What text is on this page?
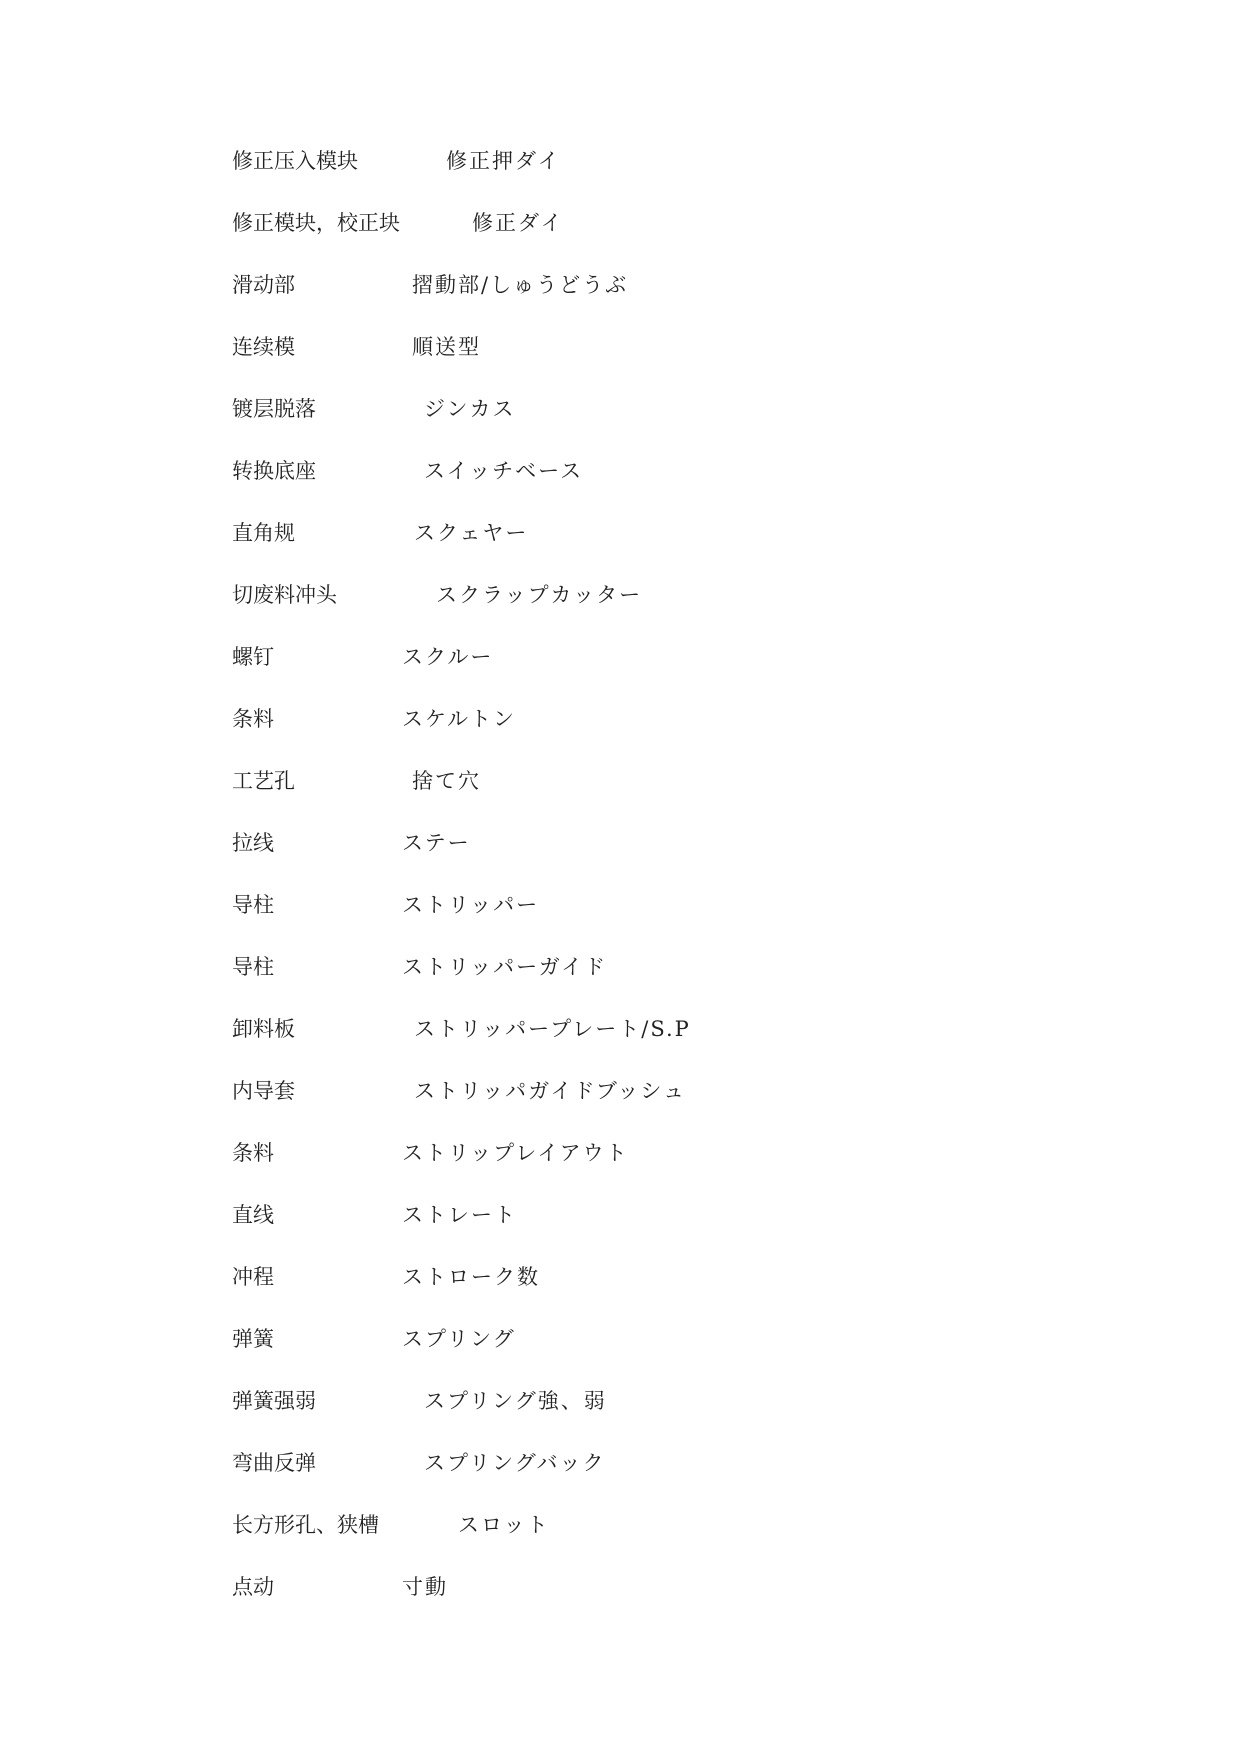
修正压入模块	修正押ダイ
修正模块，校正块	修正ダイ
滑动部	摺動部/しゅうどうぶ
连续模	順送型
镀层脱落	ジンカス
转换底座	スイッチベース
直角规	スクェヤー
切废料冲头	スクラップカッター
螺钉	スクルー
条料	スケルトン
工艺孔	捨て穴
拉线	ステー
导柱	ストリッパー
导柱	ストリッパーガイド
卸料板	ストリッパープレート/S.P
内导套	ストリッパガイドブッシュ
条料	ストリップレイアウト
直线	ストレート
冲程	ストローク数
弹簧	スプリング
弹簧强弱	スプリング強、弱
弯曲反弹	スプリングバック
长方形孔、狭槽	スロット
点动	寸動
